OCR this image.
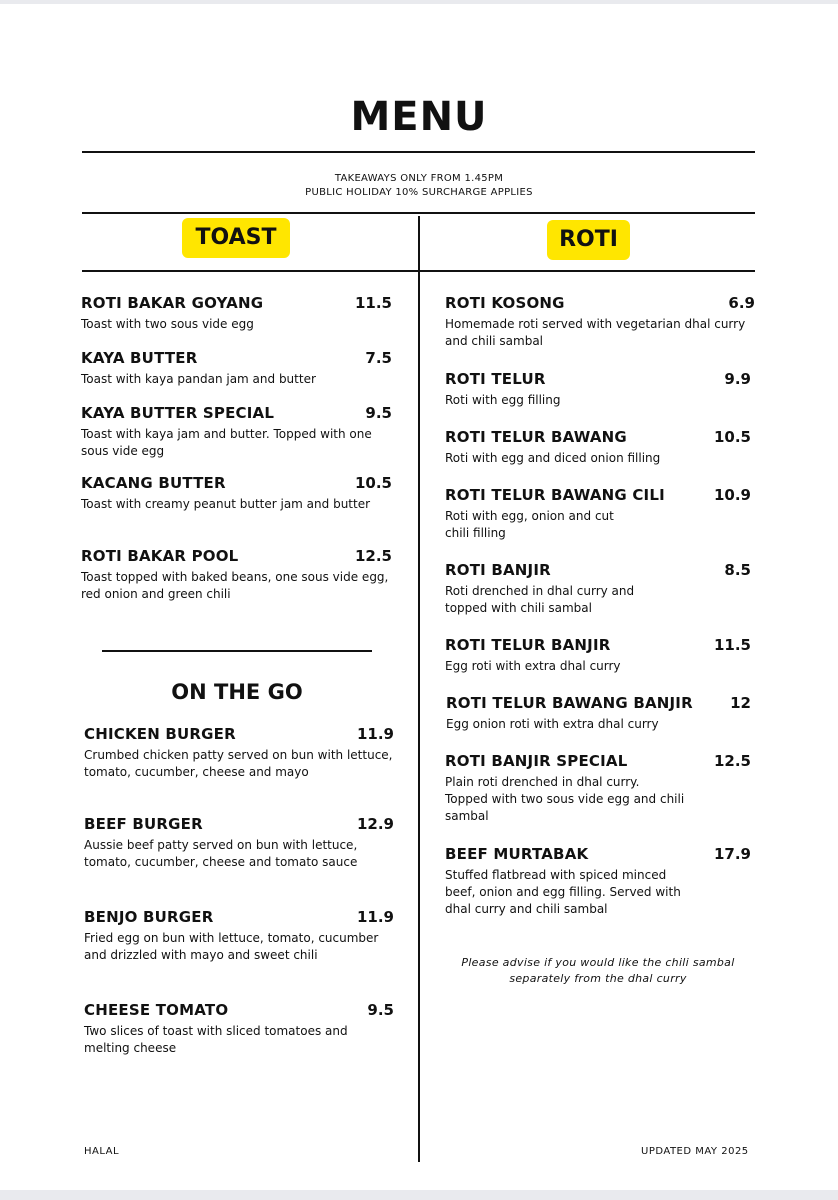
MENU
TAKEAWAYS ONLY FROM 1.45PM
PUBLIC HOLIDAY 10% SURCHARGE APPLIES
TOAST	ROTI
ROTI BAKAR GOYANG	11.5
Toast with two sous vide egg
KAYA BUTTER	7.5
Toast with kaya pandan jam and butter
KAYA BUTTER SPECIAL	9.5
Toast with kaya jam and butter. Topped with one sous vide egg
KACANG BUTTER	10.5
Toast with creamy peanut butter jam and butter
ROTI BAKAR POOL	12.5
Toast topped with baked beans, one sous vide egg, red onion and green chili
ON THE GO
CHICKEN BURGER	11.9
Crumbed chicken patty served on bun with lettuce, tomato, cucumber, cheese and mayo
BEEF BURGER	12.9
Aussie beef patty served on bun with lettuce, tomato, cucumber, cheese and tomato sauce
BENJO BURGER	11.9
Fried egg on bun with lettuce, tomato, cucumber and drizzled with mayo and sweet chili
CHEESE TOMATO	9.5
Two slices of toast with sliced tomatoes and melting cheese
ROTI KOSONG	6.9
Homemade roti served with vegetarian dhal curry and chili sambal
ROTI TELUR	9.9
Roti with egg filling
ROTI TELUR BAWANG	10.5
Roti with egg and diced onion filling
ROTI TELUR BAWANG CILI	10.9
Roti with egg, onion and cut chili filling
ROTI BANJIR	8.5
Roti drenched in dhal curry and topped with chili sambal
ROTI TELUR BANJIR	11.5
Egg roti with extra dhal curry
ROTI TELUR BAWANG BANJIR 12
Egg onion roti with extra dhal curry
ROTI BANJIR SPECIAL	12.5
Plain roti drenched in dhal curry. Topped with two sous vide egg and chili sambal
BEEF MURTABAK	17.9
Stuffed flatbread with spiced minced beef, onion and egg filling. Served with dhal curry and chili sambal
Please advise if you would like the chili sambal separately from the dhal curry
HALAL	UPDATED MAY 2025
